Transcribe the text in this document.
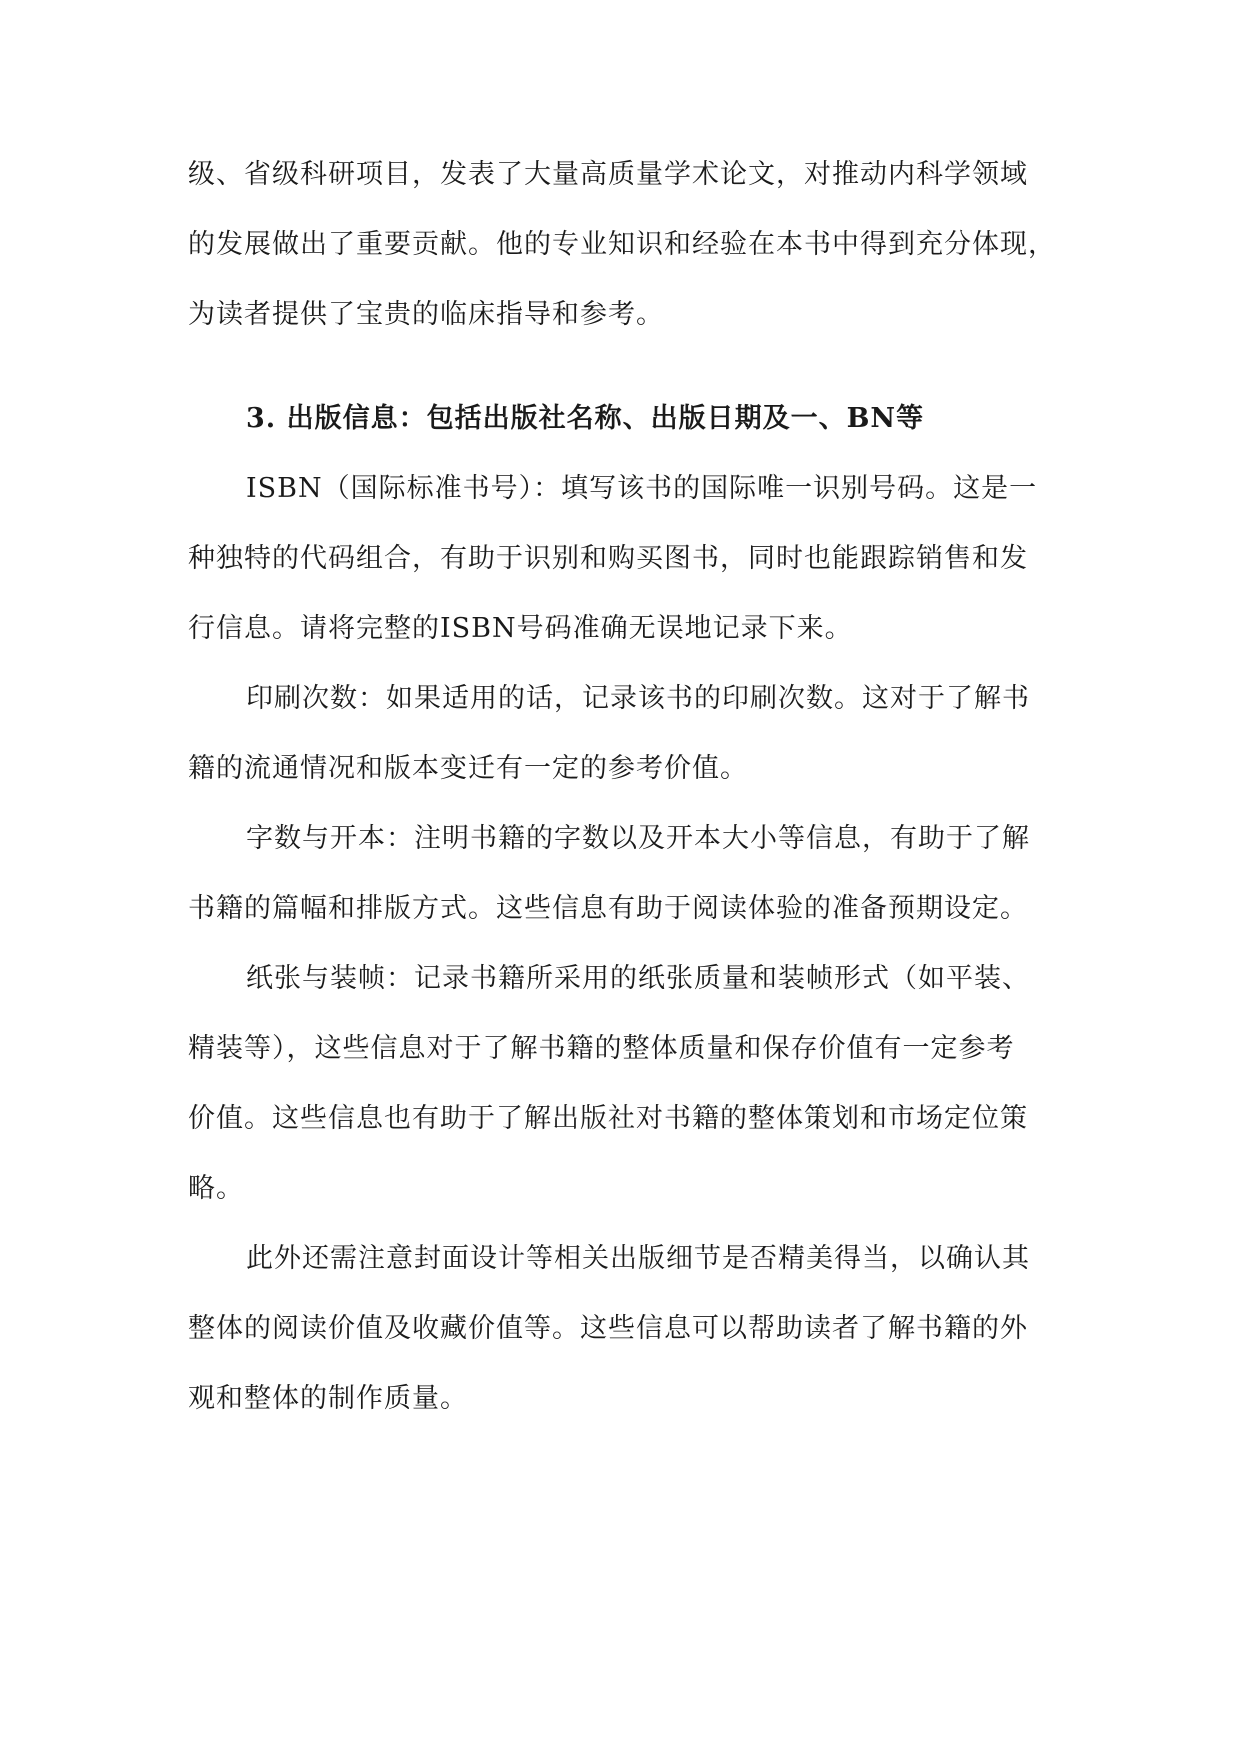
级、省级科研项目，发表了大量高质量学术论文，对推动内科学领域
的发展做出了重要贡献。他的专业知识和经验在本书中得到充分体现，
为读者提供了宝贵的临床指导和参考。
3. 出版信息：包括出版社名称、出版日期及一、BN等
ISBN（国际标准书号）：填写该书的国际唯一识别号码。这是一
种独特的代码组合，有助于识别和购买图书，同时也能跟踪销售和发
行信息。请将完整的ISBN号码准确无误地记录下来。
印刷次数：如果适用的话，记录该书的印刷次数。这对于了解书
籍的流通情况和版本变迁有一定的参考价值。
字数与开本：注明书籍的字数以及开本大小等信息，有助于了解
书籍的篇幅和排版方式。这些信息有助于阅读体验的准备预期设定。
纸张与装帧：记录书籍所采用的纸张质量和装帧形式（如平装、
精装等），这些信息对于了解书籍的整体质量和保存价值有一定参考
价值。这些信息也有助于了解出版社对书籍的整体策划和市场定位策
略。
此外还需注意封面设计等相关出版细节是否精美得当，以确认其
整体的阅读价值及收藏价值等。这些信息可以帮助读者了解书籍的外
观和整体的制作质量。
